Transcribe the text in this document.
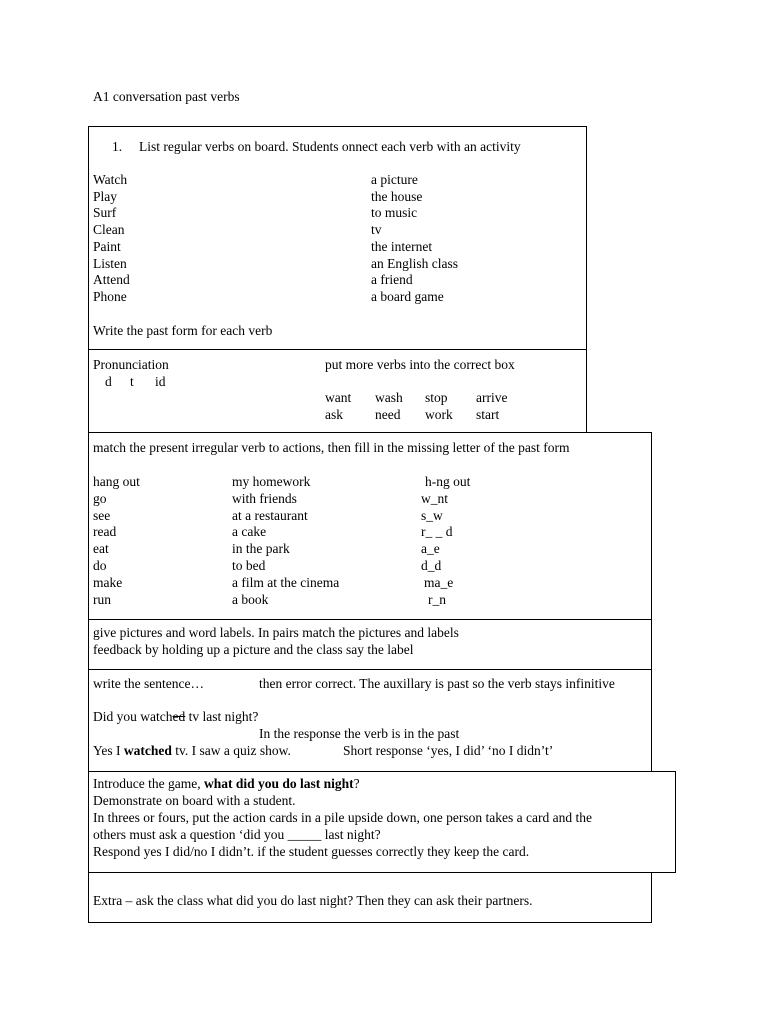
A1 conversation past verbs
1. List regular verbs on board. Students onnect each verb with an activity
Watch
Play
Surf
Clean
Paint
Listen
Attend
Phone
a picture
the house
to music
tv
the internet
an English class
a friend
a board game
Write the past form for each verb
Pronunciation
d t id
put more verbs into the correct box
want wash stop arrive
ask need work start
match the present irregular verb to actions, then fill in the missing letter of the past form
hang out
go
see
read
eat
do
make
run
my homework
with friends
at a restaurant
a cake
in the park
to bed
a film at the cinema
a book
h-ng out
w_nt
s_w
r_ _ d
a_e
d_d
ma_e
r_n
give pictures and word labels. In pairs match the pictures and labels
feedback by holding up a picture and the class say the label
write the sentence…	then error correct. The auxillary is past so the verb stays infinitive
Did you watched tv last night?
In the response the verb is in the past
Yes I watched tv. I saw a quiz show.	Short response ‘yes, I did’ ‘no I didn’t’
Introduce the game, what did you do last night?
Demonstrate on board with a student.
In threes or fours, put the action cards in a pile upside down, one person takes a card and the
others must ask a question ‘did you _____ last night?
Respond yes I did/no I didn’t. if the student guesses correctly they keep the card.
Extra – ask the class what did you do last night? Then they can ask their partners.
